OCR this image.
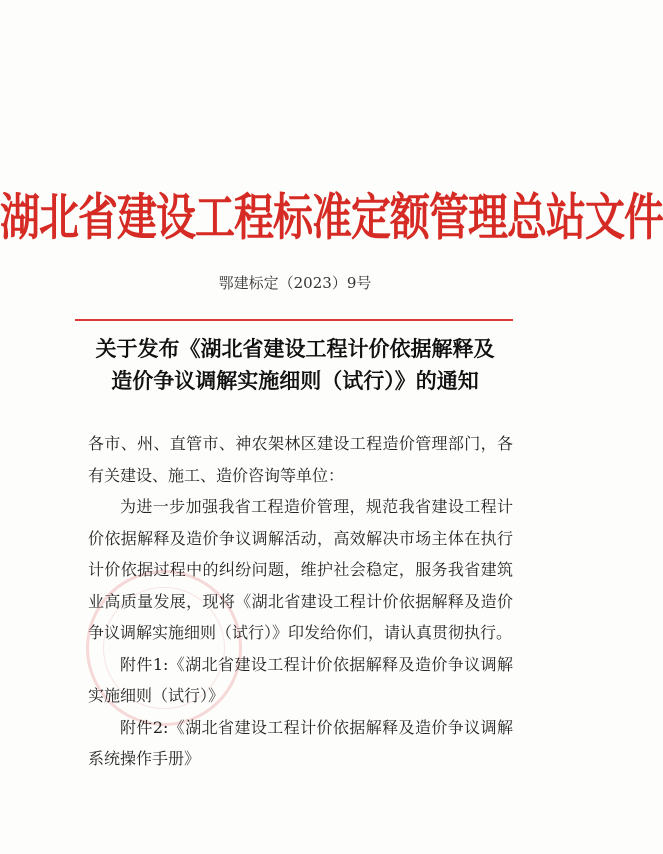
湖北省建设工程标准定额管理总站文件
鄂建标定（2023）9号
关于发布《湖北省建设工程计价依据解释及
造价争议调解实施细则（试行）》的通知

各市、州、直管市、神农架林区建设工程造价管理部门，各有关建设、施工、造价咨询等单位：

为进一步加强我省工程造价管理，规范我省建设工程计价依据解释及造价争议调解活动，高效解决市场主体在执行计价依据过程中的纠纷问题，维护社会稳定，服务我省建筑业高质量发展，现将《湖北省建设工程计价依据解释及造价争议调解实施细则（试行）》印发给你们，请认真贯彻执行。

附件1:《湖北省建设工程计价依据解释及造价争议调解实施细则（试行）》

附件2:《湖北省建设工程计价依据解释及造价争议调解系统操作手册》
